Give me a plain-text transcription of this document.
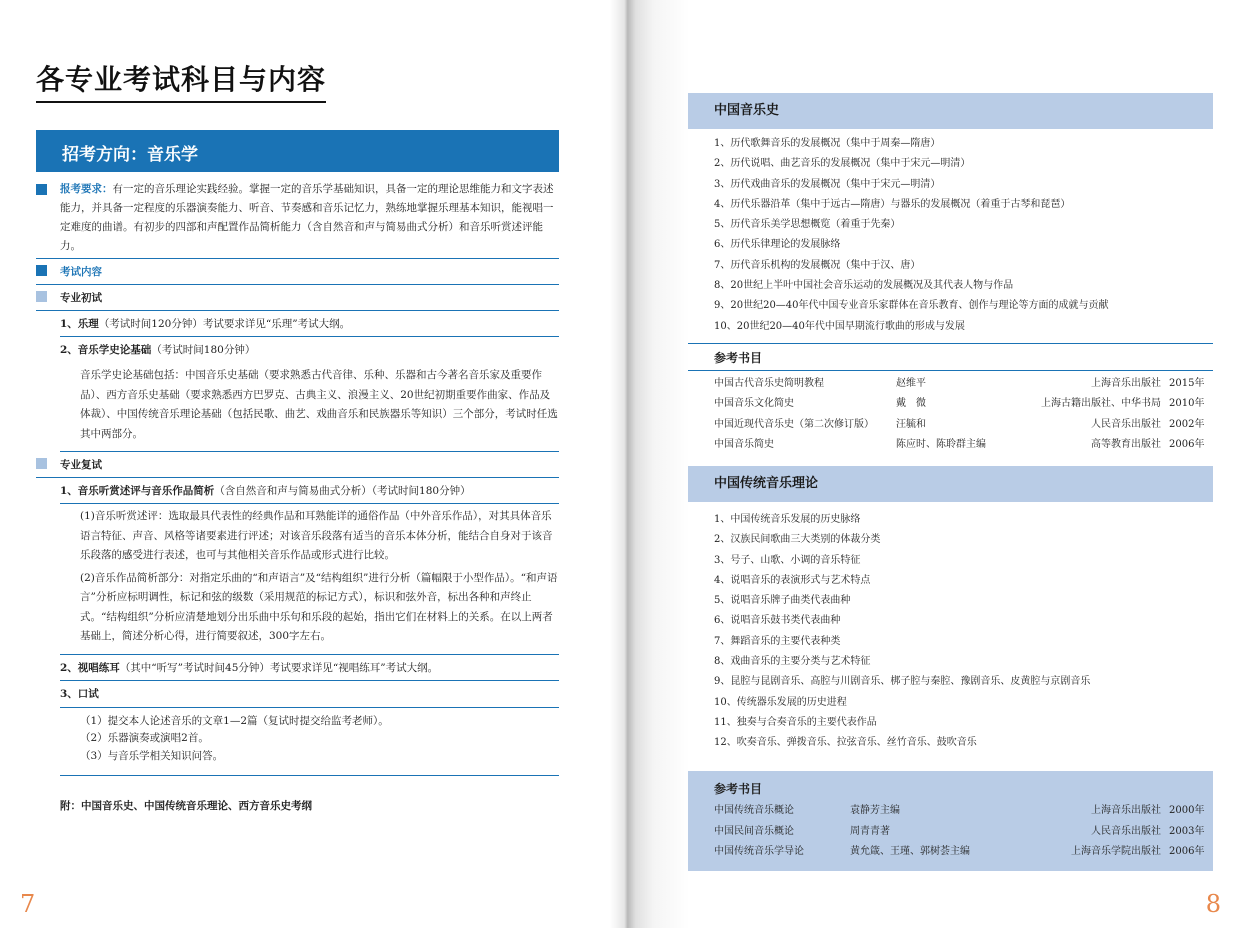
各专业考试科目与内容
招考方向：音乐学

报考要求：有一定的音乐理论实践经验。掌握一定的音乐学基础知识，具备一定的理论思维能力和文字表述能力，并具备一定程度的乐器演奏能力、听音、节奏感和音乐记忆力，熟练地掌握乐理基本知识，能视唱一定难度的曲谱。有初步的四部和声配置作品简析能力（含自然音和声与简易曲式分析）和音乐听赏述评能力。

考试内容
专业初试
1、乐理（考试时间120分钟）考试要求详见“乐理”考试大纲。
2、音乐学史论基础（考试时间180分钟）
音乐学史论基础包括：中国音乐史基础（要求熟悉古代音律、乐种、乐器和古今著名音乐家及重要作品）、西方音乐史基础（要求熟悉西方巴罗克、古典主义、浪漫主义、20世纪初期重要作曲家、作品及体裁）、中国传统音乐理论基础（包括民歌、曲艺、戏曲音乐和民族器乐等知识）三个部分，考试时任选其中两部分。
专业复试
1、音乐听赏述评与音乐作品简析（含自然音和声与简易曲式分析）（考试时间180分钟）
(1)音乐听赏述评：选取最具代表性的经典作品和耳熟能详的通俗作品（中外音乐作品），对其具体音乐语言特征、声音、风格等诸要素进行评述；对该音乐段落有适当的音乐本体分析，能结合自身对于该音乐段落的感受进行表述，也可与其他相关音乐作品或形式进行比较。
(2)音乐作品简析部分：对指定乐曲的“和声语言”及“结构组织”进行分析（篇幅限于小型作品）。“和声语言”分析应标明调性，标记和弦的级数（采用规范的标记方式），标识和弦外音，标出各种和声终止式。“结构组织”分析应清楚地划分出乐曲中乐句和乐段的起始，指出它们在材料上的关系。在以上两者基础上，简述分析心得，进行简要叙述，300字左右。
2、视唱练耳（其中“听写”考试时间45分钟）考试要求详见“视唱练耳”考试大纲。
3、口试
（1）提交本人论述音乐的文章1—2篇（复试时提交给监考老师）。
（2）乐器演奏或演唱2首。
（3）与音乐学相关知识问答。
附：中国音乐史、中国传统音乐理论、西方音乐史考纲
7	8
中国音乐史
1、历代歌舞音乐的发展概况（集中于周秦—隋唐）
2、历代说唱、曲艺音乐的发展概况（集中于宋元—明清）
3、历代戏曲音乐的发展概况（集中于宋元—明清）
4、历代乐器沿革（集中于远古—隋唐）与器乐的发展概况（着重于古琴和琵琶）
5、历代音乐美学思想概览（着重于先秦）
6、历代乐律理论的发展脉络
7、历代音乐机构的发展概况（集中于汉、唐）
8、20世纪上半叶中国社会音乐运动的发展概况及其代表人物与作品
9、20世纪20—40年代中国专业音乐家群体在音乐教育、创作与理论等方面的成就与贡献
10、20世纪20—40年代中国早期流行歌曲的形成与发展
参考书目
中国古代音乐史简明教程	赵维平	上海音乐出版社 2015年
中国音乐文化简史	戴　微	上海古籍出版社、中华书局 2010年
中国近现代音乐史（第二次修订版）	汪毓和	人民音乐出版社 2002年
中国音乐简史	陈应时、陈聆群主编	高等教育出版社 2006年
中国传统音乐理论
1、中国传统音乐发展的历史脉络
2、汉族民间歌曲三大类别的体裁分类
3、号子、山歌、小调的音乐特征
4、说唱音乐的表演形式与艺术特点
5、说唱音乐牌子曲类代表曲种
6、说唱音乐鼓书类代表曲种
7、舞蹈音乐的主要代表种类
8、戏曲音乐的主要分类与艺术特征
9、昆腔与昆剧音乐、高腔与川剧音乐、梆子腔与秦腔、豫剧音乐、皮黄腔与京剧音乐
10、传统器乐发展的历史进程
11、独奏与合奏音乐的主要代表作品
12、吹奏音乐、弹拨音乐、拉弦音乐、丝竹音乐、鼓吹音乐
参考书目
中国传统音乐概论	袁静芳主编	上海音乐出版社 2000年
中国民间音乐概论	周青青著	人民音乐出版社 2003年
中国传统音乐学导论	黄允箴、王瑾、郭树荟主编	上海音乐学院出版社 2006年
